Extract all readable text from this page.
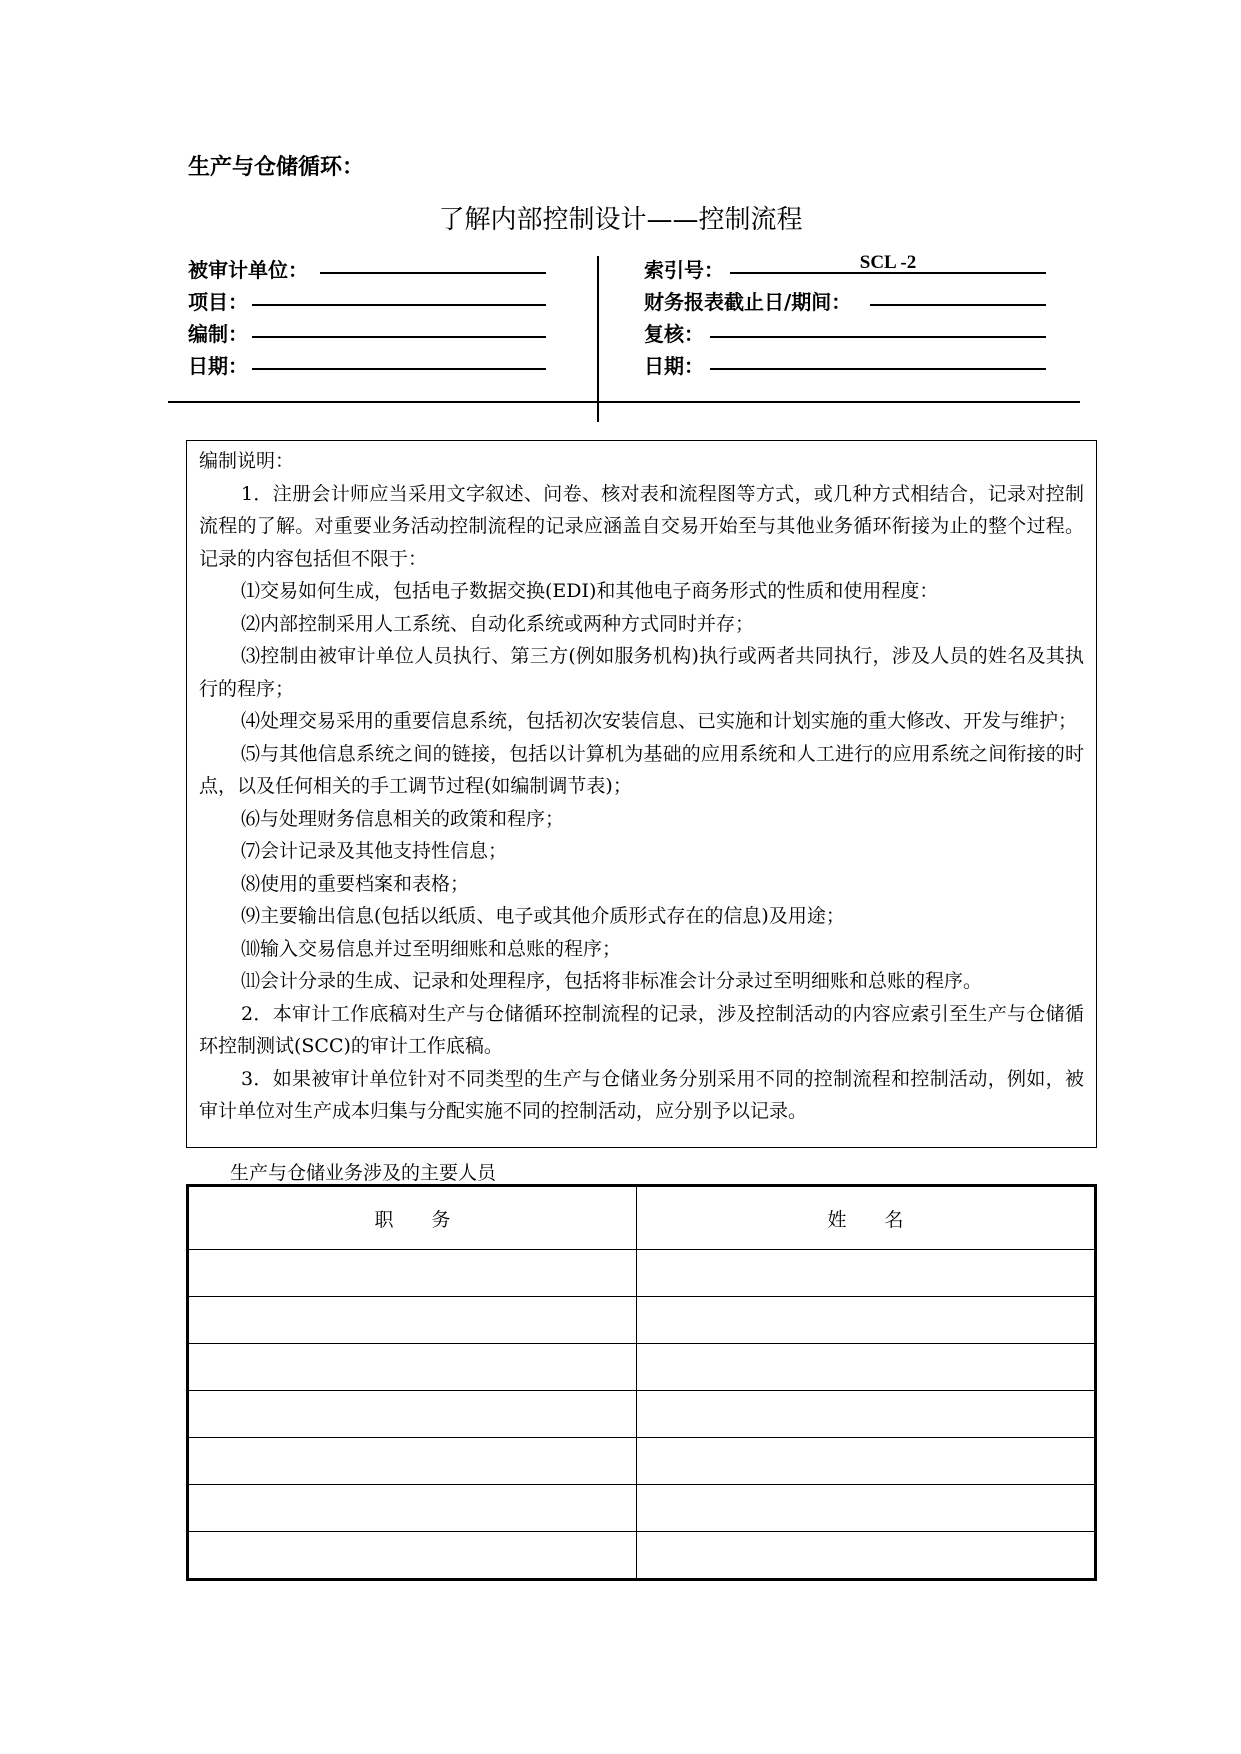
生产与仓储循环：
了解内部控制设计——控制流程
被审计单位：
项目：
编制：
日期：
索引号：	SCL -2
财务报表截止日/期间：
复核：
日期：

编制说明：

1．注册会计师应当采用文字叙述、问卷、核对表和流程图等方式，或几种方式相结合，记录对控制流程的了解。对重要业务活动控制流程的记录应涵盖自交易开始至与其他业务循环衔接为止的整个过程。记录的内容包括但不限于：

⑴交易如何生成，包括电子数据交换(EDI)和其他电子商务形式的性质和使用程度：

⑵内部控制采用人工系统、自动化系统或两种方式同时并存；

⑶控制由被审计单位人员执行、第三方(例如服务机构)执行或两者共同执行，涉及人员的姓名及其执行的程序；

⑷处理交易采用的重要信息系统，包括初次安装信息、已实施和计划实施的重大修改、开发与维护；

⑸与其他信息系统之间的链接，包括以计算机为基础的应用系统和人工进行的应用系统之间衔接的时点，以及任何相关的手工调节过程(如编制调节表)；

⑹与处理财务信息相关的政策和程序；

⑺会计记录及其他支持性信息；

⑻使用的重要档案和表格；

⑼主要输出信息(包括以纸质、电子或其他介质形式存在的信息)及用途；

⑽输入交易信息并过至明细账和总账的程序；

⑾会计分录的生成、记录和处理程序，包括将非标准会计分录过至明细账和总账的程序。

2．本审计工作底稿对生产与仓储循环控制流程的记录，涉及控制活动的内容应索引至生产与仓储循环控制测试(SCC)的审计工作底稿。

3．如果被审计单位针对不同类型的生产与仓储业务分别采用不同的控制流程和控制活动，例如，被审计单位对生产成本归集与分配实施不同的控制活动，应分别予以记录。

生产与仓储业务涉及的主要人员
职　　务	姓　　名
